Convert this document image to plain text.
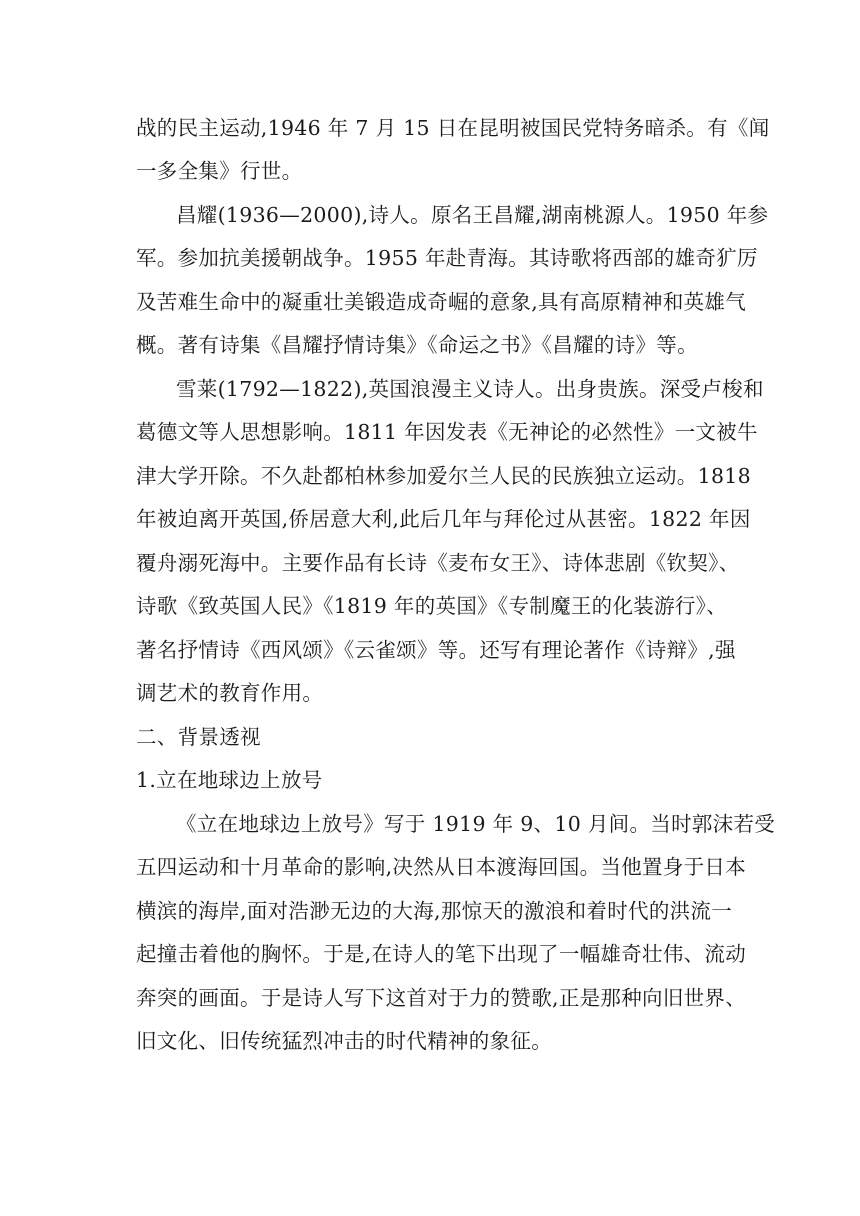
战的民主运动,1946 年 7 月 15 日在昆明被国民党特务暗杀。有《闻
一多全集》行世。
昌耀(1936—2000),诗人。原名王昌耀,湖南桃源人。1950 年参
军。参加抗美援朝战争。1955 年赴青海。其诗歌将西部的雄奇犷厉
及苦难生命中的凝重壮美锻造成奇崛的意象,具有高原精神和英雄气
概。著有诗集《昌耀抒情诗集》《命运之书》《昌耀的诗》等。
雪莱(1792—1822),英国浪漫主义诗人。出身贵族。深受卢梭和
葛德文等人思想影响。1811 年因发表《无神论的必然性》一文被牛
津大学开除。不久赴都柏林参加爱尔兰人民的民族独立运动。1818
年被迫离开英国,侨居意大利,此后几年与拜伦过从甚密。1822 年因
覆舟溺死海中。主要作品有长诗《麦布女王》、诗体悲剧《钦契》、
诗歌《致英国人民》《1819 年的英国》《专制魔王的化装游行》、
著名抒情诗《西风颂》《云雀颂》等。还写有理论著作《诗辩》,强
调艺术的教育作用。
二、背景透视
1.立在地球边上放号
《立在地球边上放号》写于 1919 年 9、10 月间。当时郭沫若受
五四运动和十月革命的影响,决然从日本渡海回国。当他置身于日本
横滨的海岸,面对浩渺无边的大海,那惊天的激浪和着时代的洪流一
起撞击着他的胸怀。于是,在诗人的笔下出现了一幅雄奇壮伟、流动
奔突的画面。于是诗人写下这首对于力的赞歌,正是那种向旧世界、
旧文化、旧传统猛烈冲击的时代精神的象征。
